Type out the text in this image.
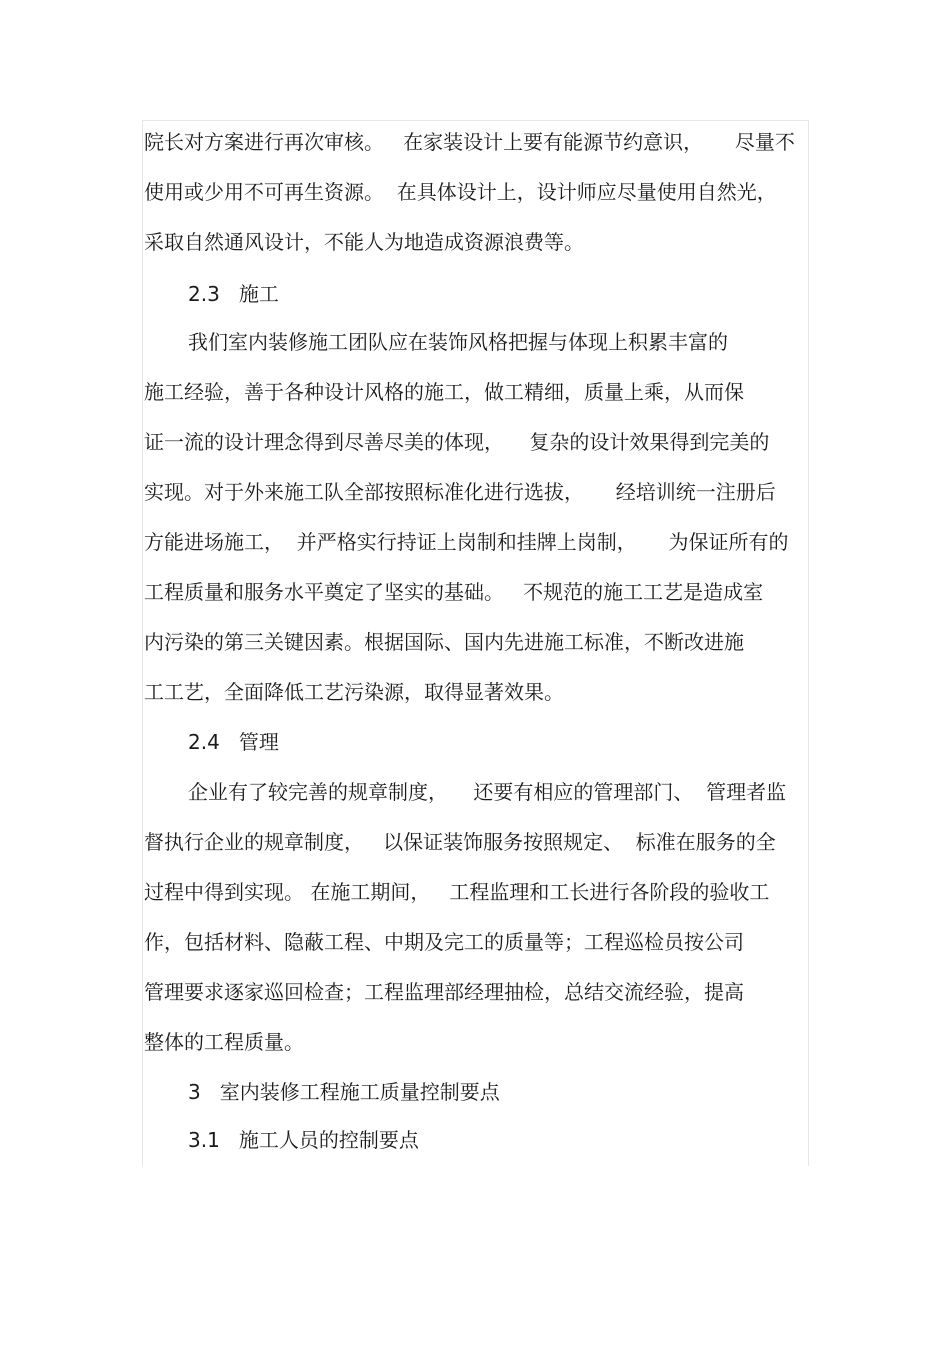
院长对方案进行再次审核。   在家装设计上要有能源节约意识，     尽量不
使用或少用不可再生资源。  在具体设计上，设计师应尽量使用自然光，
采取自然通风设计，不能人为地造成资源浪费等。
2.3   施工
我们室内装修施工团队应在装饰风格把握与体现上积累丰富的
施工经验，善于各种设计风格的施工，做工精细，质量上乘，从而保
证一流的设计理念得到尽善尽美的体现，    复杂的设计效果得到完美的
实现。对于外来施工队全部按照标准化进行选拔，     经培训统一注册后
方能进场施工，  并严格实行持证上岗制和挂牌上岗制，     为保证所有的
工程质量和服务水平奠定了坚实的基础。   不规范的施工工艺是造成室
内污染的第三关键因素。根据国际、国内先进施工标准，不断改进施
工工艺，全面降低工艺污染源，取得显著效果。
2.4   管理
企业有了较完善的规章制度，    还要有相应的管理部门、  管理者监
督执行企业的规章制度，   以保证装饰服务按照规定、  标准在服务的全
过程中得到实现。 在施工期间，   工程监理和工长进行各阶段的验收工
作，包括材料、隐蔽工程、中期及完工的质量等；工程巡检员按公司
管理要求逐家巡回检查；工程监理部经理抽检，总结交流经验，提高
整体的工程质量。
3   室内装修工程施工质量控制要点
3.1   施工人员的控制要点
